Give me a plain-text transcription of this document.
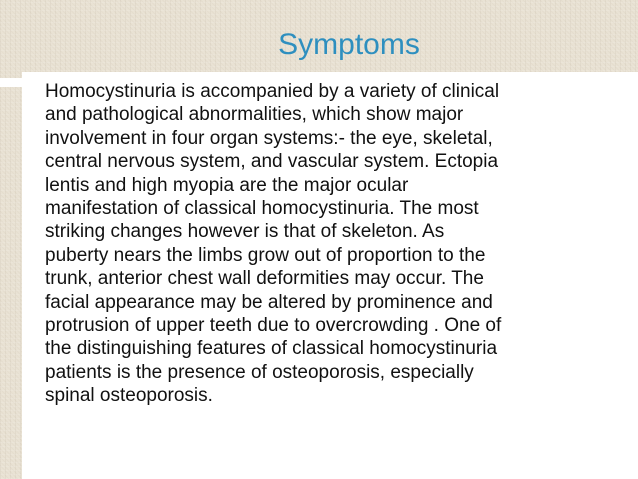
Symptoms

Homocystinuria is accompanied by a variety of clinical
and pathological abnormalities, which show major
involvement in four organ systems:- the eye, skeletal,
central nervous system, and vascular system. Ectopia
lentis and high myopia are the major ocular
manifestation of classical homocystinuria. The most
striking changes however is that of skeleton. As
puberty nears the limbs grow out of proportion to the
trunk, anterior chest wall deformities may occur. The
facial appearance may be altered by prominence and
protrusion of upper teeth due to overcrowding . One of
the distinguishing features of classical homocystinuria
patients is the presence of osteoporosis, especially
spinal osteoporosis.
